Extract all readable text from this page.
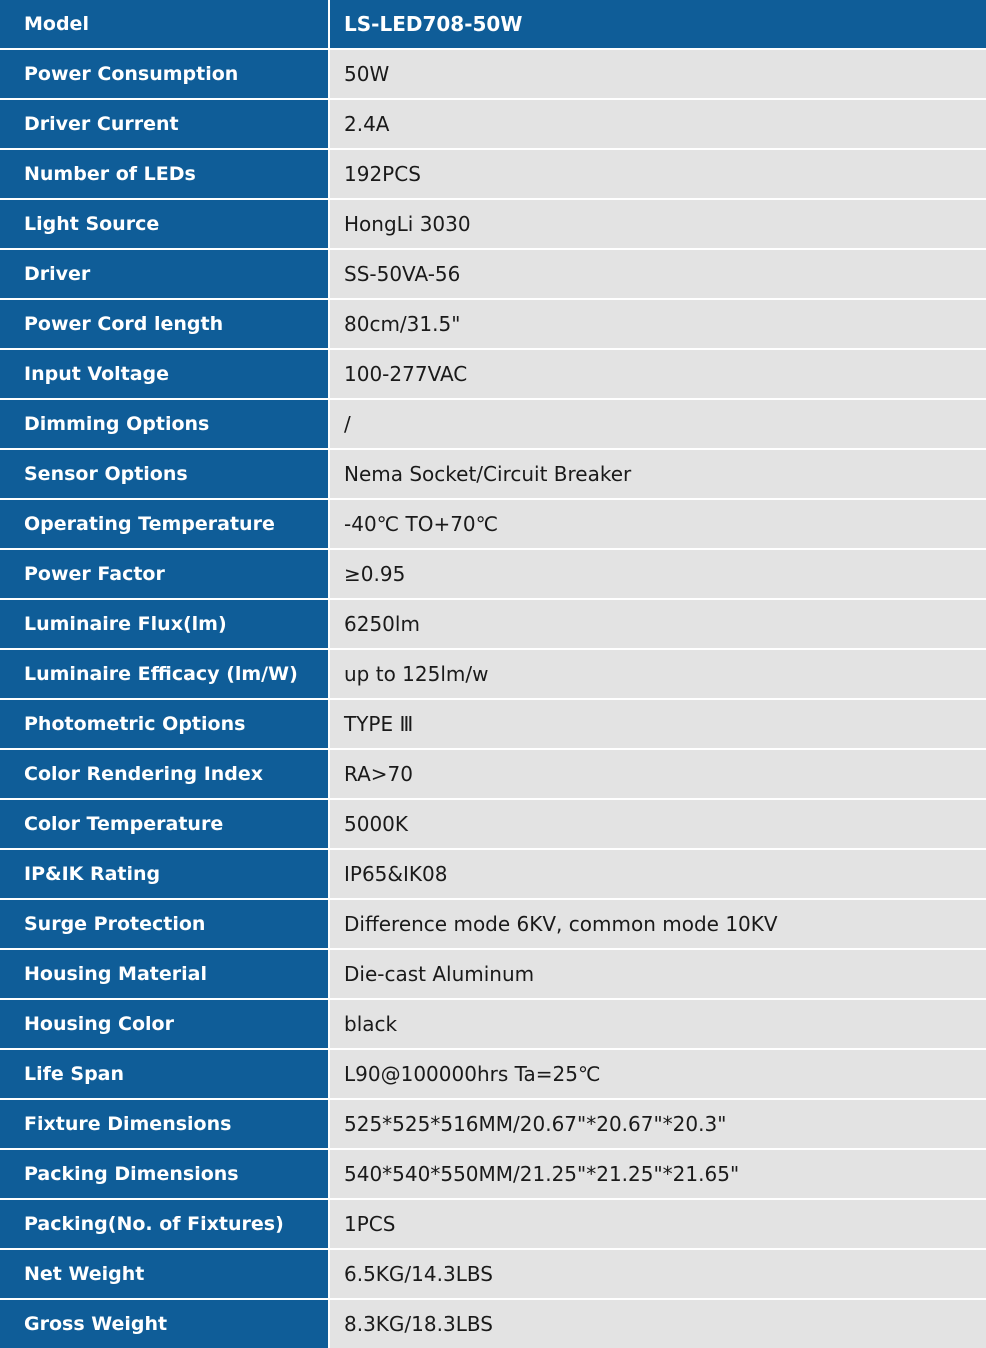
Model	LS-LED708-50W
Power Consumption	50W
Driver Current	2.4A
Number of LEDs	192PCS
Light Source	HongLi 3030
Driver	SS-50VA-56
Power Cord length	80cm/31.5"
Input Voltage	100-277VAC
Dimming Options	/
Sensor Options	Nema Socket/Circuit Breaker
Operating Temperature	-40℃ TO+70℃
Power Factor	≥0.95
Luminaire Flux(lm)	6250lm
Luminaire Efficacy (lm/W)	up to 125lm/w
Photometric Options	TYPE Ⅲ
Color Rendering Index	RA>70
Color Temperature	5000K
IP&IK Rating	IP65&IK08
Surge Protection	Difference mode 6KV, common mode 10KV
Housing Material	Die-cast Aluminum
Housing Color	black
Life Span	L90@100000hrs Ta=25℃
Fixture Dimensions	525*525*516MM/20.67"*20.67"*20.3"
Packing Dimensions	540*540*550MM/21.25"*21.25"*21.65"
Packing(No. of Fixtures)	1PCS
Net Weight	6.5KG/14.3LBS
Gross Weight	8.3KG/18.3LBS
